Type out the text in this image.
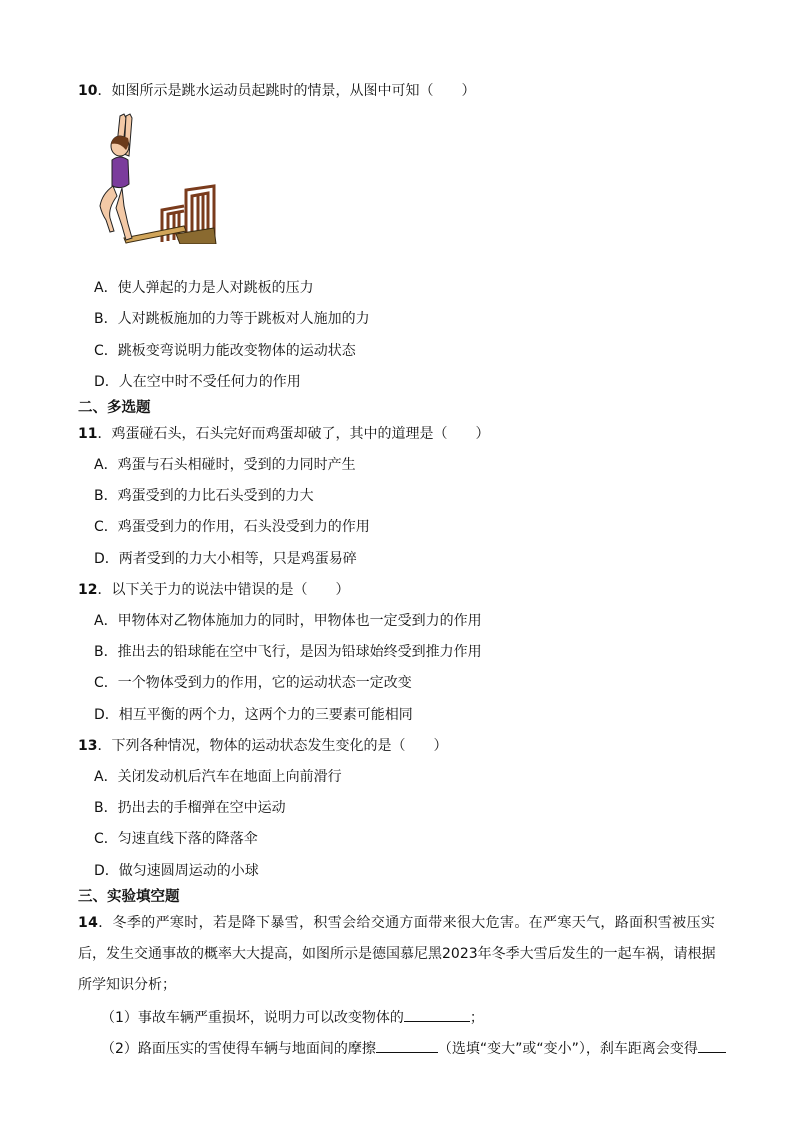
10．如图所示是跳水运动员起跳时的情景，从图中可知（　　）
A．使人弹起的力是人对跳板的压力
B．人对跳板施加的力等于跳板对人施加的力
C．跳板变弯说明力能改变物体的运动状态
D．人在空中时不受任何力的作用
二、多选题
11．鸡蛋碰石头，石头完好而鸡蛋却破了，其中的道理是（　　）
A．鸡蛋与石头相碰时，受到的力同时产生
B．鸡蛋受到的力比石头受到的力大
C．鸡蛋受到力的作用，石头没受到力的作用
D．两者受到的力大小相等，只是鸡蛋易碎
12．以下关于力的说法中错误的是（　　）
A．甲物体对乙物体施加力的同时，甲物体也一定受到力的作用
B．推出去的铅球能在空中飞行，是因为铅球始终受到推力作用
C．一个物体受到力的作用，它的运动状态一定改变
D．相互平衡的两个力，这两个力的三要素可能相同
13．下列各种情况，物体的运动状态发生变化的是（　　）
A．关闭发动机后汽车在地面上向前滑行
B．扔出去的手榴弹在空中运动
C．匀速直线下落的降落伞
D．做匀速圆周运动的小球
三、实验填空题
14．冬季的严寒时，若是降下暴雪，积雪会给交通方面带来很大危害。在严寒天气，路面积雪被压实
后，发生交通事故的概率大大提高，如图所示是德国慕尼黑2023年冬季大雪后发生的一起车祸，请根据
所学知识分析；
（1）事故车辆严重损坏，说明力可以改变物体的	；
（2）路面压实的雪使得车辆与地面间的摩擦	（选填“变大”或“变小”），刹车距离会变得
